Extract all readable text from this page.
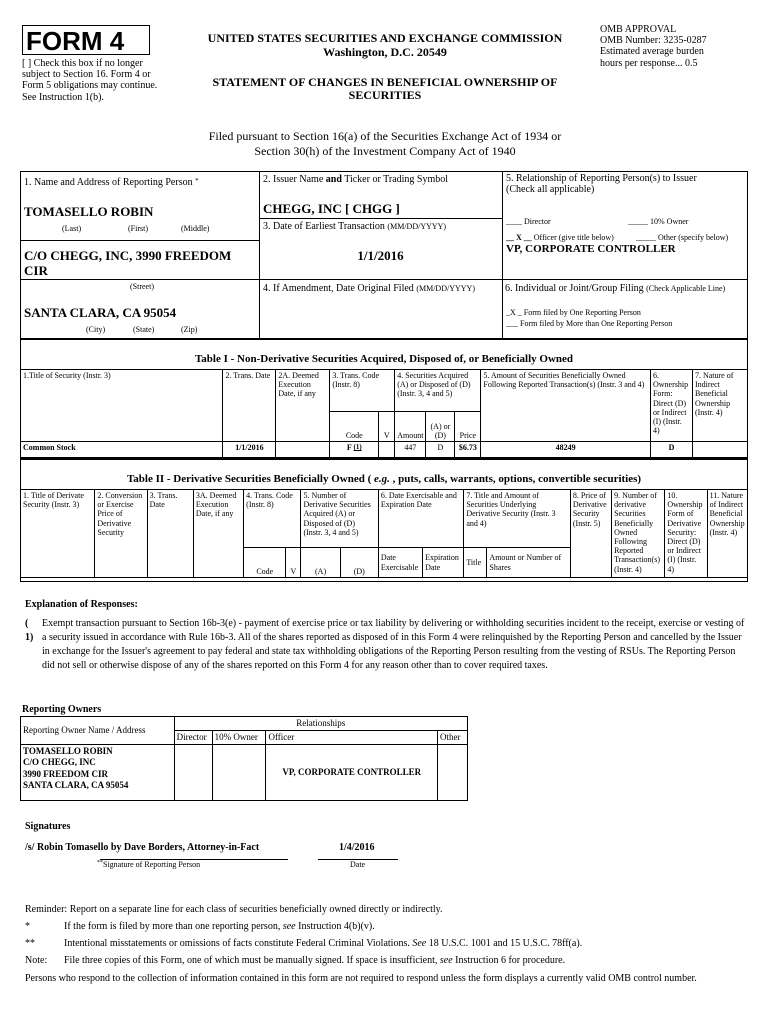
FORM 4
[ ] Check this box if no longer subject to Section 16. Form 4 or Form 5 obligations may continue. See Instruction 1(b).
UNITED STATES SECURITIES AND EXCHANGE COMMISSION
Washington, D.C. 20549
STATEMENT OF CHANGES IN BENEFICIAL OWNERSHIP OF SECURITIES
OMB APPROVAL
OMB Number: 3235-0287
Estimated average burden
hours per response... 0.5
Filed pursuant to Section 16(a) of the Securities Exchange Act of 1934 or
Section 30(h) of the Investment Company Act of 1940
1. Name and Address of Reporting Person *
TOMASELLO ROBIN
(Last)	(First)	(Middle)
C/O CHEGG, INC, 3990 FREEDOM CIR
(Street)
SANTA CLARA, CA 95054
(City)	(State)	(Zip)
2. Issuer Name and Ticker or Trading Symbol
CHEGG, INC [ CHGG ]
3. Date of Earliest Transaction (MM/DD/YYYY)
1/1/2016
4. If Amendment, Date Original Filed (MM/DD/YYYY)
5. Relationship of Reporting Person(s) to Issuer
(Check all applicable)
____ Director	_____ 10% Owner
__ X __ Officer (give title below)	_____ Other (specify below)
VP, CORPORATE CONTROLLER
6. Individual or Joint/Group Filing (Check Applicable Line)
_X _ Form filed by One Reporting Person
___ Form filed by More than One Reporting Person
Table I - Non-Derivative Securities Acquired, Disposed of, or Beneficially Owned
1.Title of Security (Instr. 3)	2. Trans. Date	2A. Deemed Execution Date, if any	3. Trans. Code (Instr. 8)		4. Securities Acquired (A) or Disposed of (D) (Instr. 3, 4 and 5)			5. Amount of Securities Beneficially Owned Following Reported Transaction(s) (Instr. 3 and 4)	6. Ownership Form: Direct (D) or Indirect (I) (Instr. 4)	7. Nature of Indirect Beneficial Ownership (Instr. 4)
			Code	V	Amount	(A) or (D)	Price			
Common Stock	1/1/2016		F (1)		447	D	$6.73	48249	D	
Table II - Derivative Securities Beneficially Owned ( e.g. , puts, calls, warrants, options, convertible securities)
1. Title of Derivate Security (Instr. 3)	2. Conversion or Exercise Price of Derivative Security	3. Trans. Date	3A. Deemed Execution Date, if any	4. Trans. Code (Instr. 8)		5. Number of Derivative Securities Acquired (A) or Disposed of (D) (Instr. 3, 4 and 5)		6. Date Exercisable and Expiration Date		7. Title and Amount of Securities Underlying Derivative Security (Instr. 3 and 4)		8. Price of Derivative Security (Instr. 5)	9. Number of derivative Securities Beneficially Owned Following Reported Transaction(s) (Instr. 4)	10. Ownership Form of Derivative Security: Direct (D) or Indirect (I) (Instr. 4)	11. Nature of Indirect Beneficial Ownership (Instr. 4)
				Code	V	(A)	(D)	Date Exercisable	Expiration Date	Title	Amount or Number of Shares				
Explanation of Responses:
( 1)
Exempt transaction pursuant to Section 16b-3(e) - payment of exercise price or tax liability by delivering or withholding securities incident to the receipt, exercise or vesting of a security issued in accordance with Rule 16b-3. All of the shares reported as disposed of in this Form 4 were relinquished by the Reporting Person and cancelled by the Issuer in exchange for the Issuer's agreement to pay federal and state tax withholding obligations of the Reporting Person resulting from the vesting of RSUs. The Reporting Person did not sell or otherwise dispose of any of the shares reported on this Form 4 for any reason other than to cover required taxes.
Reporting Owners
Reporting Owner Name / Address	Relationships			
	Director	10% Owner	Officer	Other

TOMASELLO ROBIN
C/O CHEGG, INC
3990 FREEDOM CIR
SANTA CLARA, CA 95054			VP, CORPORATE CONTROLLER	
Signatures
/s/ Robin Tomasello by Dave Borders, Attorney-in-Fact	1/4/2016
**Signature of Reporting Person	Date
Reminder: Report on a separate line for each class of securities beneficially owned directly or indirectly.
*	If the form is filed by more than one reporting person, see Instruction 4(b)(v).
**	Intentional misstatements or omissions of facts constitute Federal Criminal Violations. See 18 U.S.C. 1001 and 15 U.S.C. 78ff(a).
Note: File three copies of this Form, one of which must be manually signed. If space is insufficient, see Instruction 6 for procedure.
Persons who respond to the collection of information contained in this form are not required to respond unless the form displays a currently valid OMB control number.
